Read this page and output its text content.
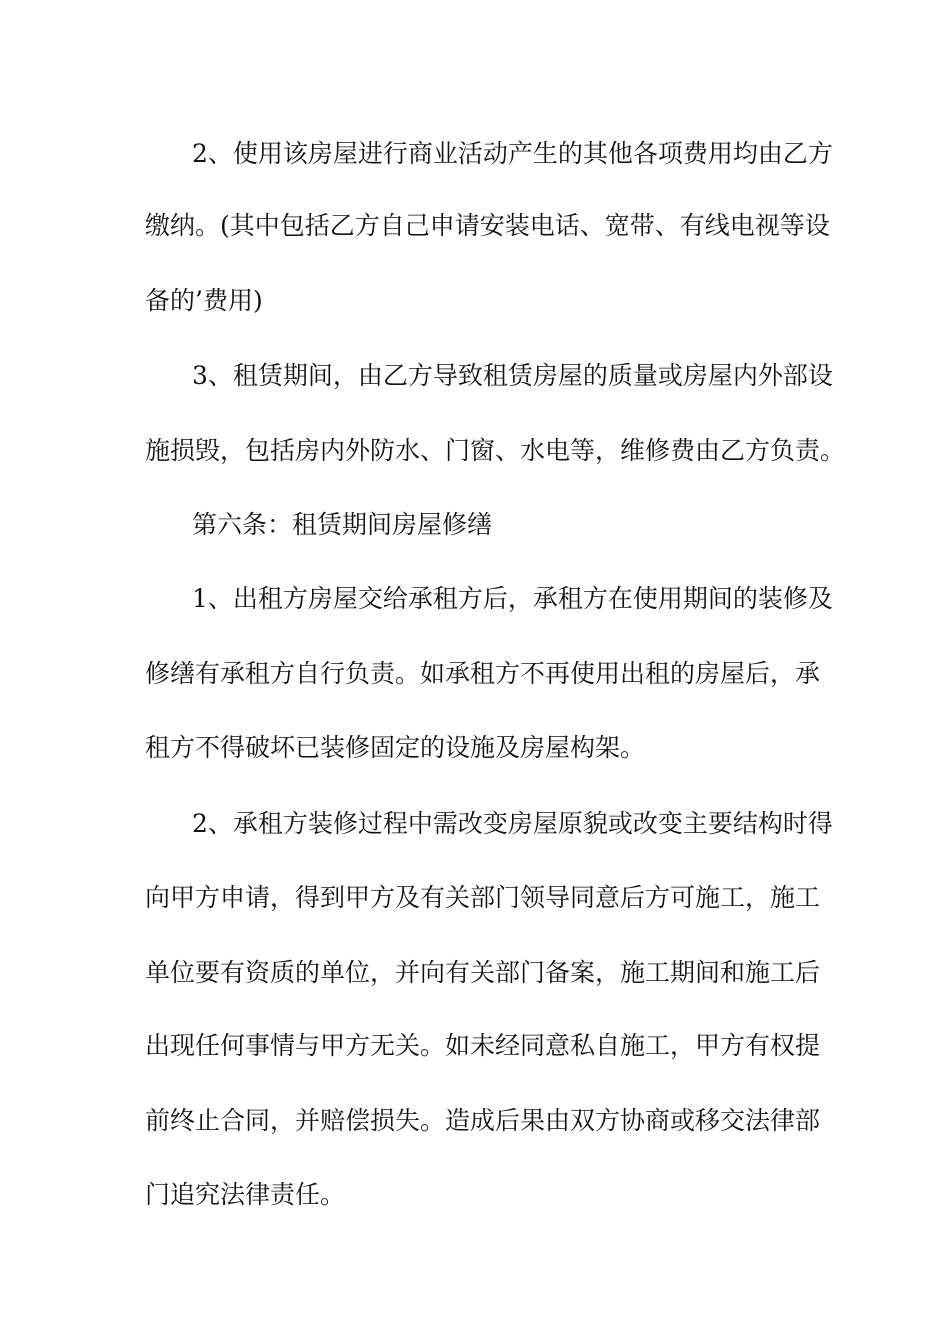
2、使用该房屋进行商业活动产生的其他各项费用均由乙方

缴纳。(其中包括乙方自己申请安装电话、宽带、有线电视等设

备的’费用)

3、租赁期间，由乙方导致租赁房屋的质量或房屋内外部设

施损毁，包括房内外防水、门窗、水电等，维修费由乙方负责。

第六条：租赁期间房屋修缮

1、出租方房屋交给承租方后，承租方在使用期间的装修及

修缮有承租方自行负责。如承租方不再使用出租的房屋后，承

租方不得破坏已装修固定的设施及房屋构架。

2、承租方装修过程中需改变房屋原貌或改变主要结构时得

向甲方申请，得到甲方及有关部门领导同意后方可施工，施工

单位要有资质的单位，并向有关部门备案，施工期间和施工后

出现任何事情与甲方无关。如未经同意私自施工，甲方有权提

前终止合同，并赔偿损失。造成后果由双方协商或移交法律部

门追究法律责任。
